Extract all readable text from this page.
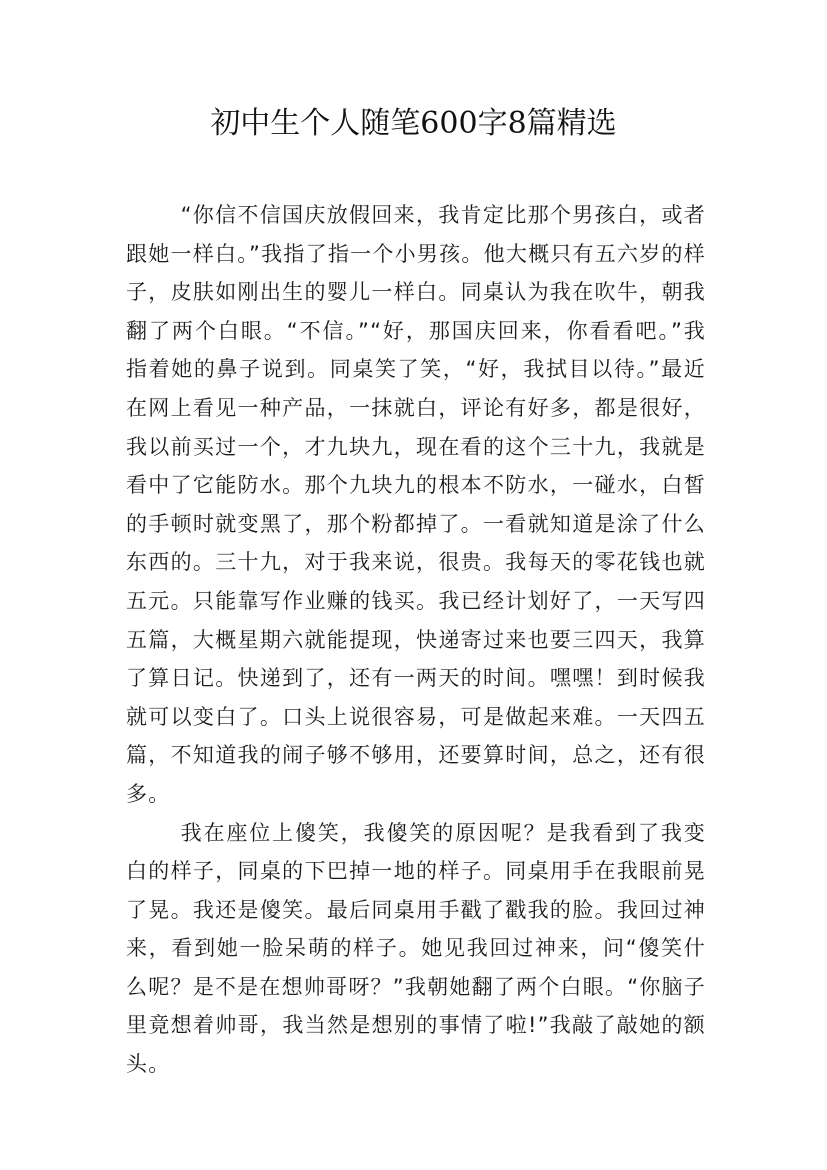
初中生个人随笔600字8篇精选

“你信不信国庆放假回来，我肯定比那个男孩白，或者跟她一样白。”我指了指一个小男孩。他大概只有五六岁的样子，皮肤如刚出生的婴儿一样白。同桌认为我在吹牛，朝我翻了两个白眼。“不信。”“好，那国庆回来，你看看吧。”我指着她的鼻子说到。同桌笑了笑，“好，我拭目以待。”最近在网上看见一种产品，一抹就白，评论有好多，都是很好，我以前买过一个，才九块九，现在看的这个三十九，我就是看中了它能防水。那个九块九的根本不防水，一碰水，白皙的手顿时就变黑了，那个粉都掉了。一看就知道是涂了什么东西的。三十九，对于我来说，很贵。我每天的零花钱也就五元。只能靠写作业赚的钱买。我已经计划好了，一天写四五篇，大概星期六就能提现，快递寄过来也要三四天，我算了算日记。快递到了，还有一两天的时间。嘿嘿！到时候我就可以变白了。口头上说很容易，可是做起来难。一天四五篇，不知道我的闹子够不够用，还要算时间，总之，还有很多。

我在座位上傻笑，我傻笑的原因呢？是我看到了我变白的样子，同桌的下巴掉一地的样子。同桌用手在我眼前晃了晃。我还是傻笑。最后同桌用手戳了戳我的脸。我回过神来，看到她一脸呆萌的样子。她见我回过神来，问“傻笑什么呢？是不是在想帅哥呀？”我朝她翻了两个白眼。“你脑子里竟想着帅哥，我当然是想别的事情了啦!”我敲了敲她的额头。
